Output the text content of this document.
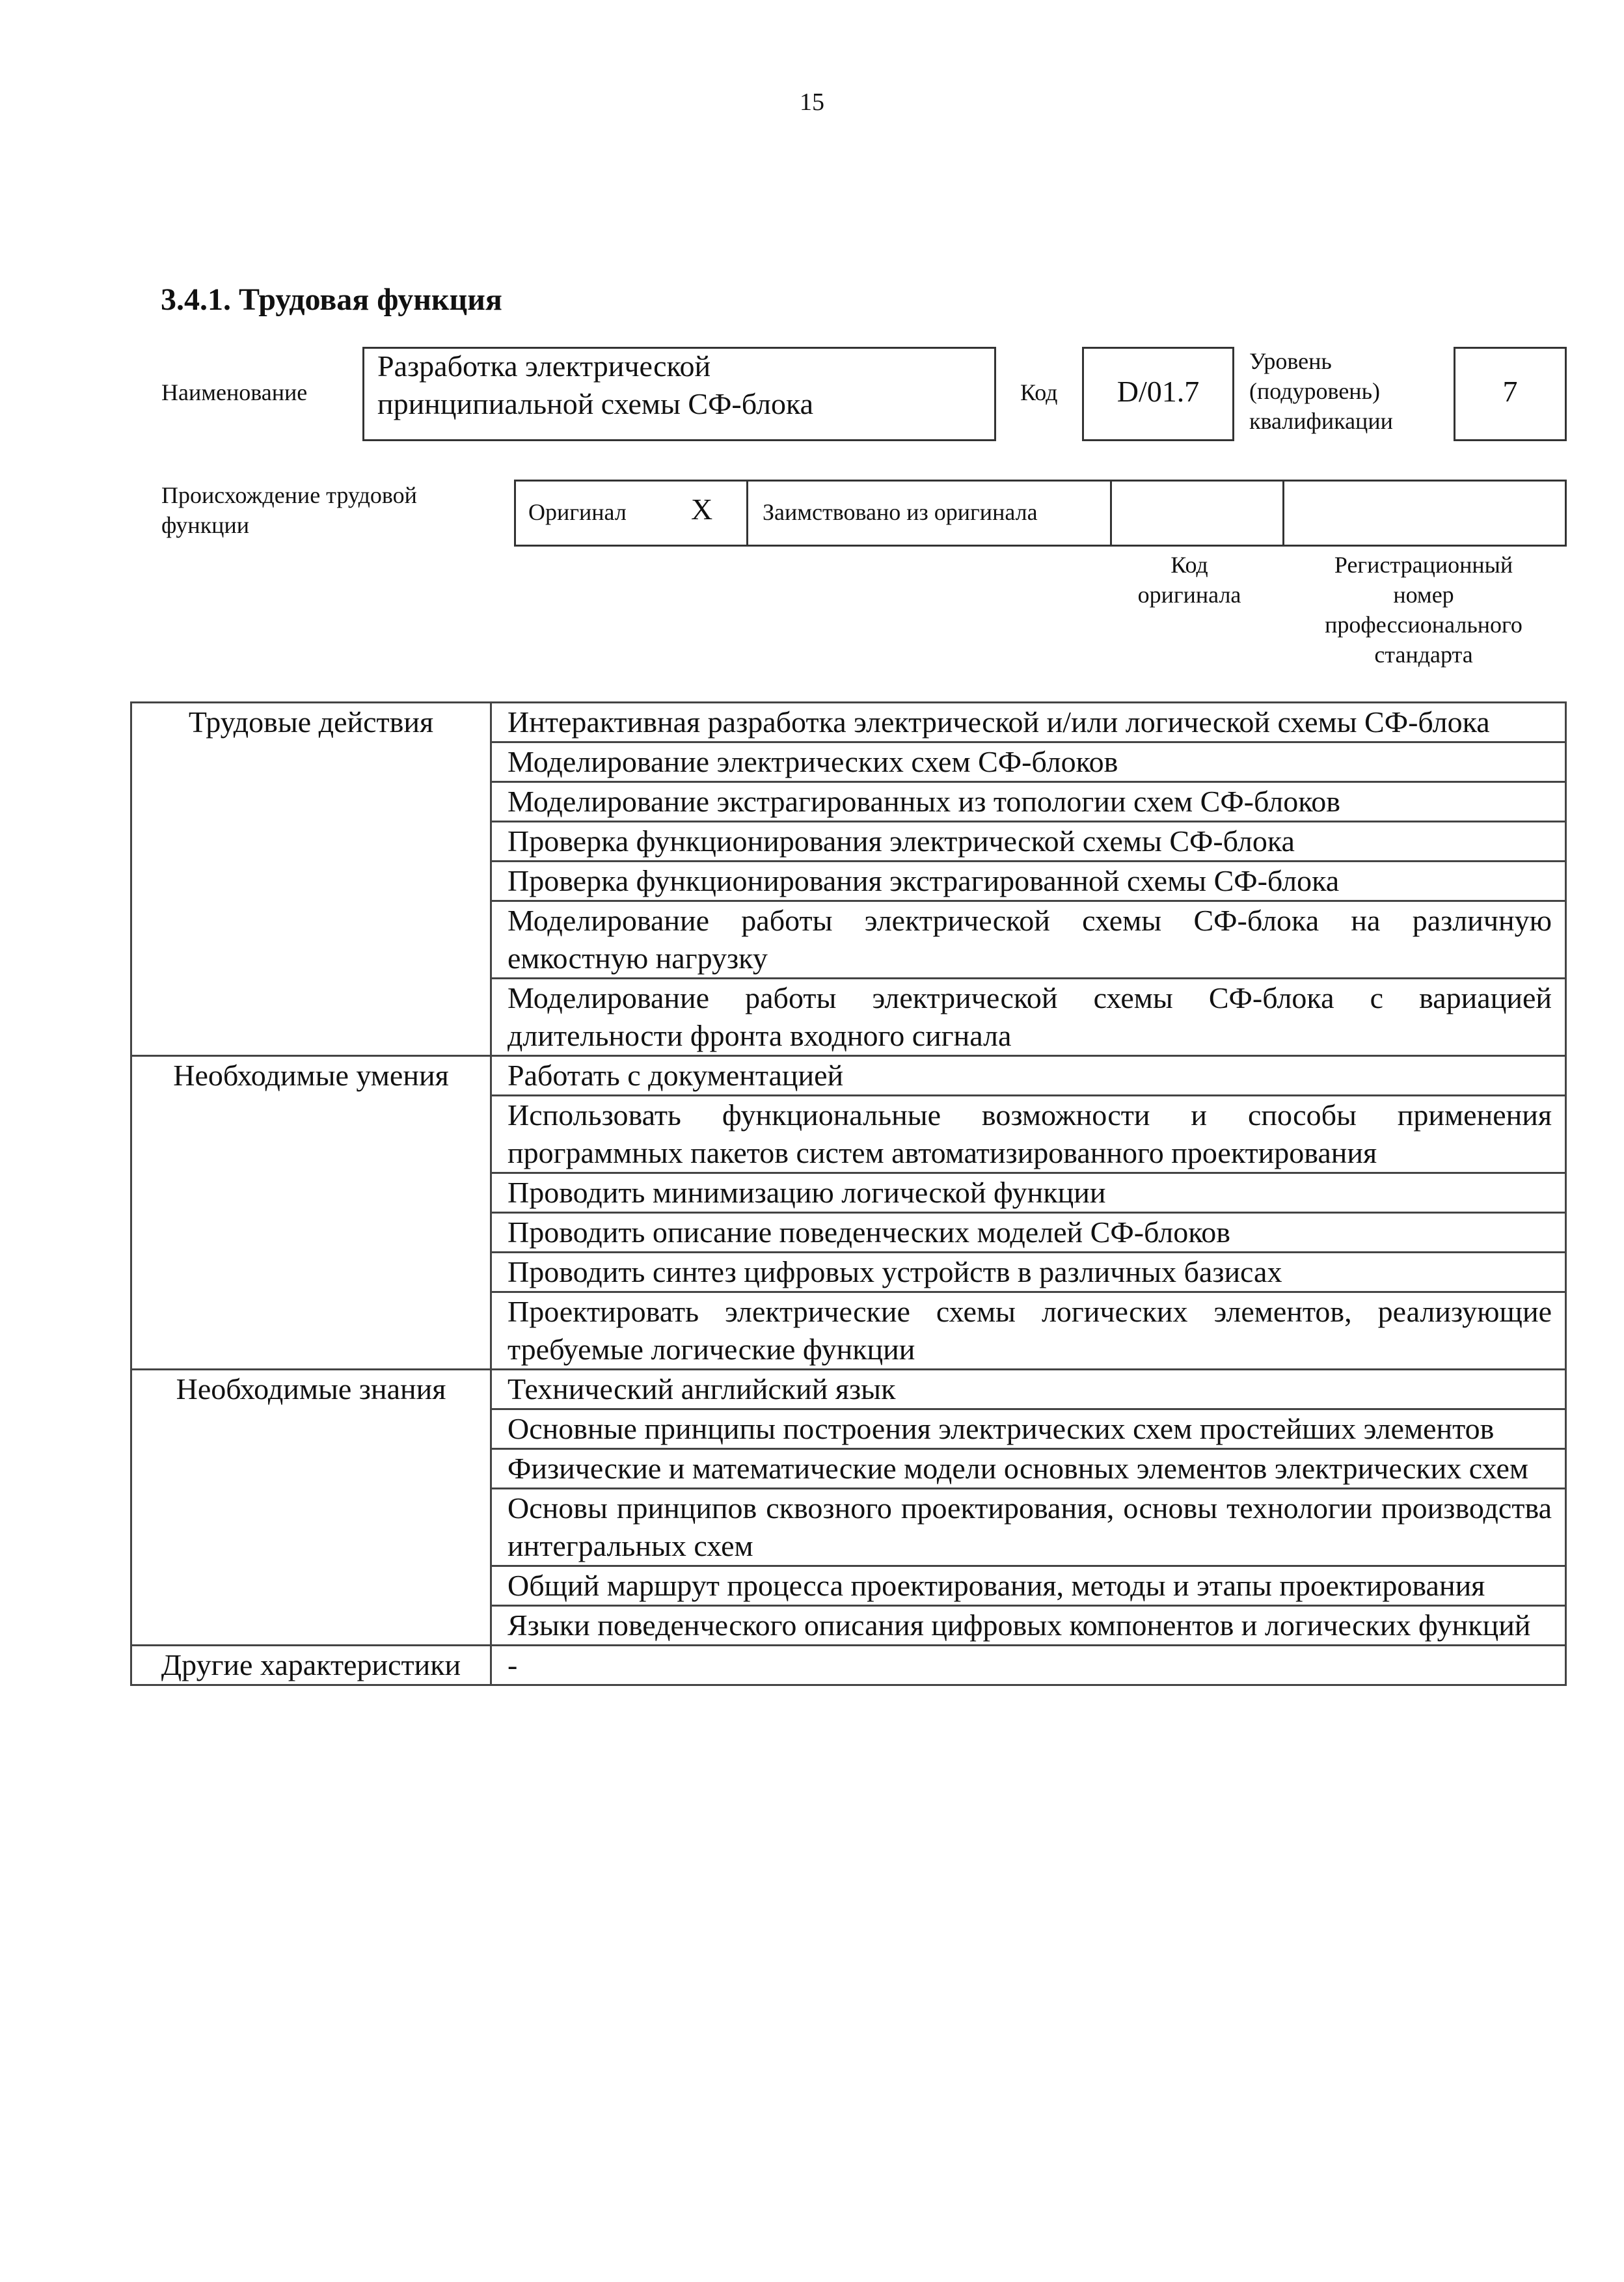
15
3.4.1. Трудовая функция
Наименование
Разработка электрической
принципиальной схемы СФ-блока	Код	D/01.7
Уровень
(подуровень)
квалификации
7
Происхождение трудовой
функции	Оригинал X Заимствовано из оригинала
Код
оригинала
Регистрационный
номер
профессионального
стандарта
Трудовые действия	Интерактивная разработка электрической и/или логической схемы СФ-блока
	Моделирование электрических схем СФ-блоков
	Моделирование экстрагированных из топологии схем СФ-блоков
	Проверка функционирования электрической схемы СФ-блока
	Проверка функционирования экстрагированной схемы СФ-блока
	Моделирование работы электрической схемы СФ-блока на различную емкостную нагрузку
	Моделирование работы электрической схемы СФ-блока с вариацией длительности фронта входного сигнала
Необходимые умения	Работать с документацией
	Использовать функциональные возможности и способы применения программных пакетов систем автоматизированного проектирования
	Проводить минимизацию логической функции
	Проводить описание поведенческих моделей СФ-блоков
	Проводить синтез цифровых устройств в различных базисах
	Проектировать электрические схемы логических элементов, реализующие требуемые логические функции
Необходимые знания	Технический английский язык
	Основные принципы построения электрических схем простейших элементов
	Физические и математические модели основных элементов электрических схем
	Основы принципов сквозного проектирования, основы технологии производства интегральных схем
	Общий маршрут процесса проектирования, методы и этапы проектирования
	Языки поведенческого описания цифровых компонентов и логических функций
Другие характеристики	-
